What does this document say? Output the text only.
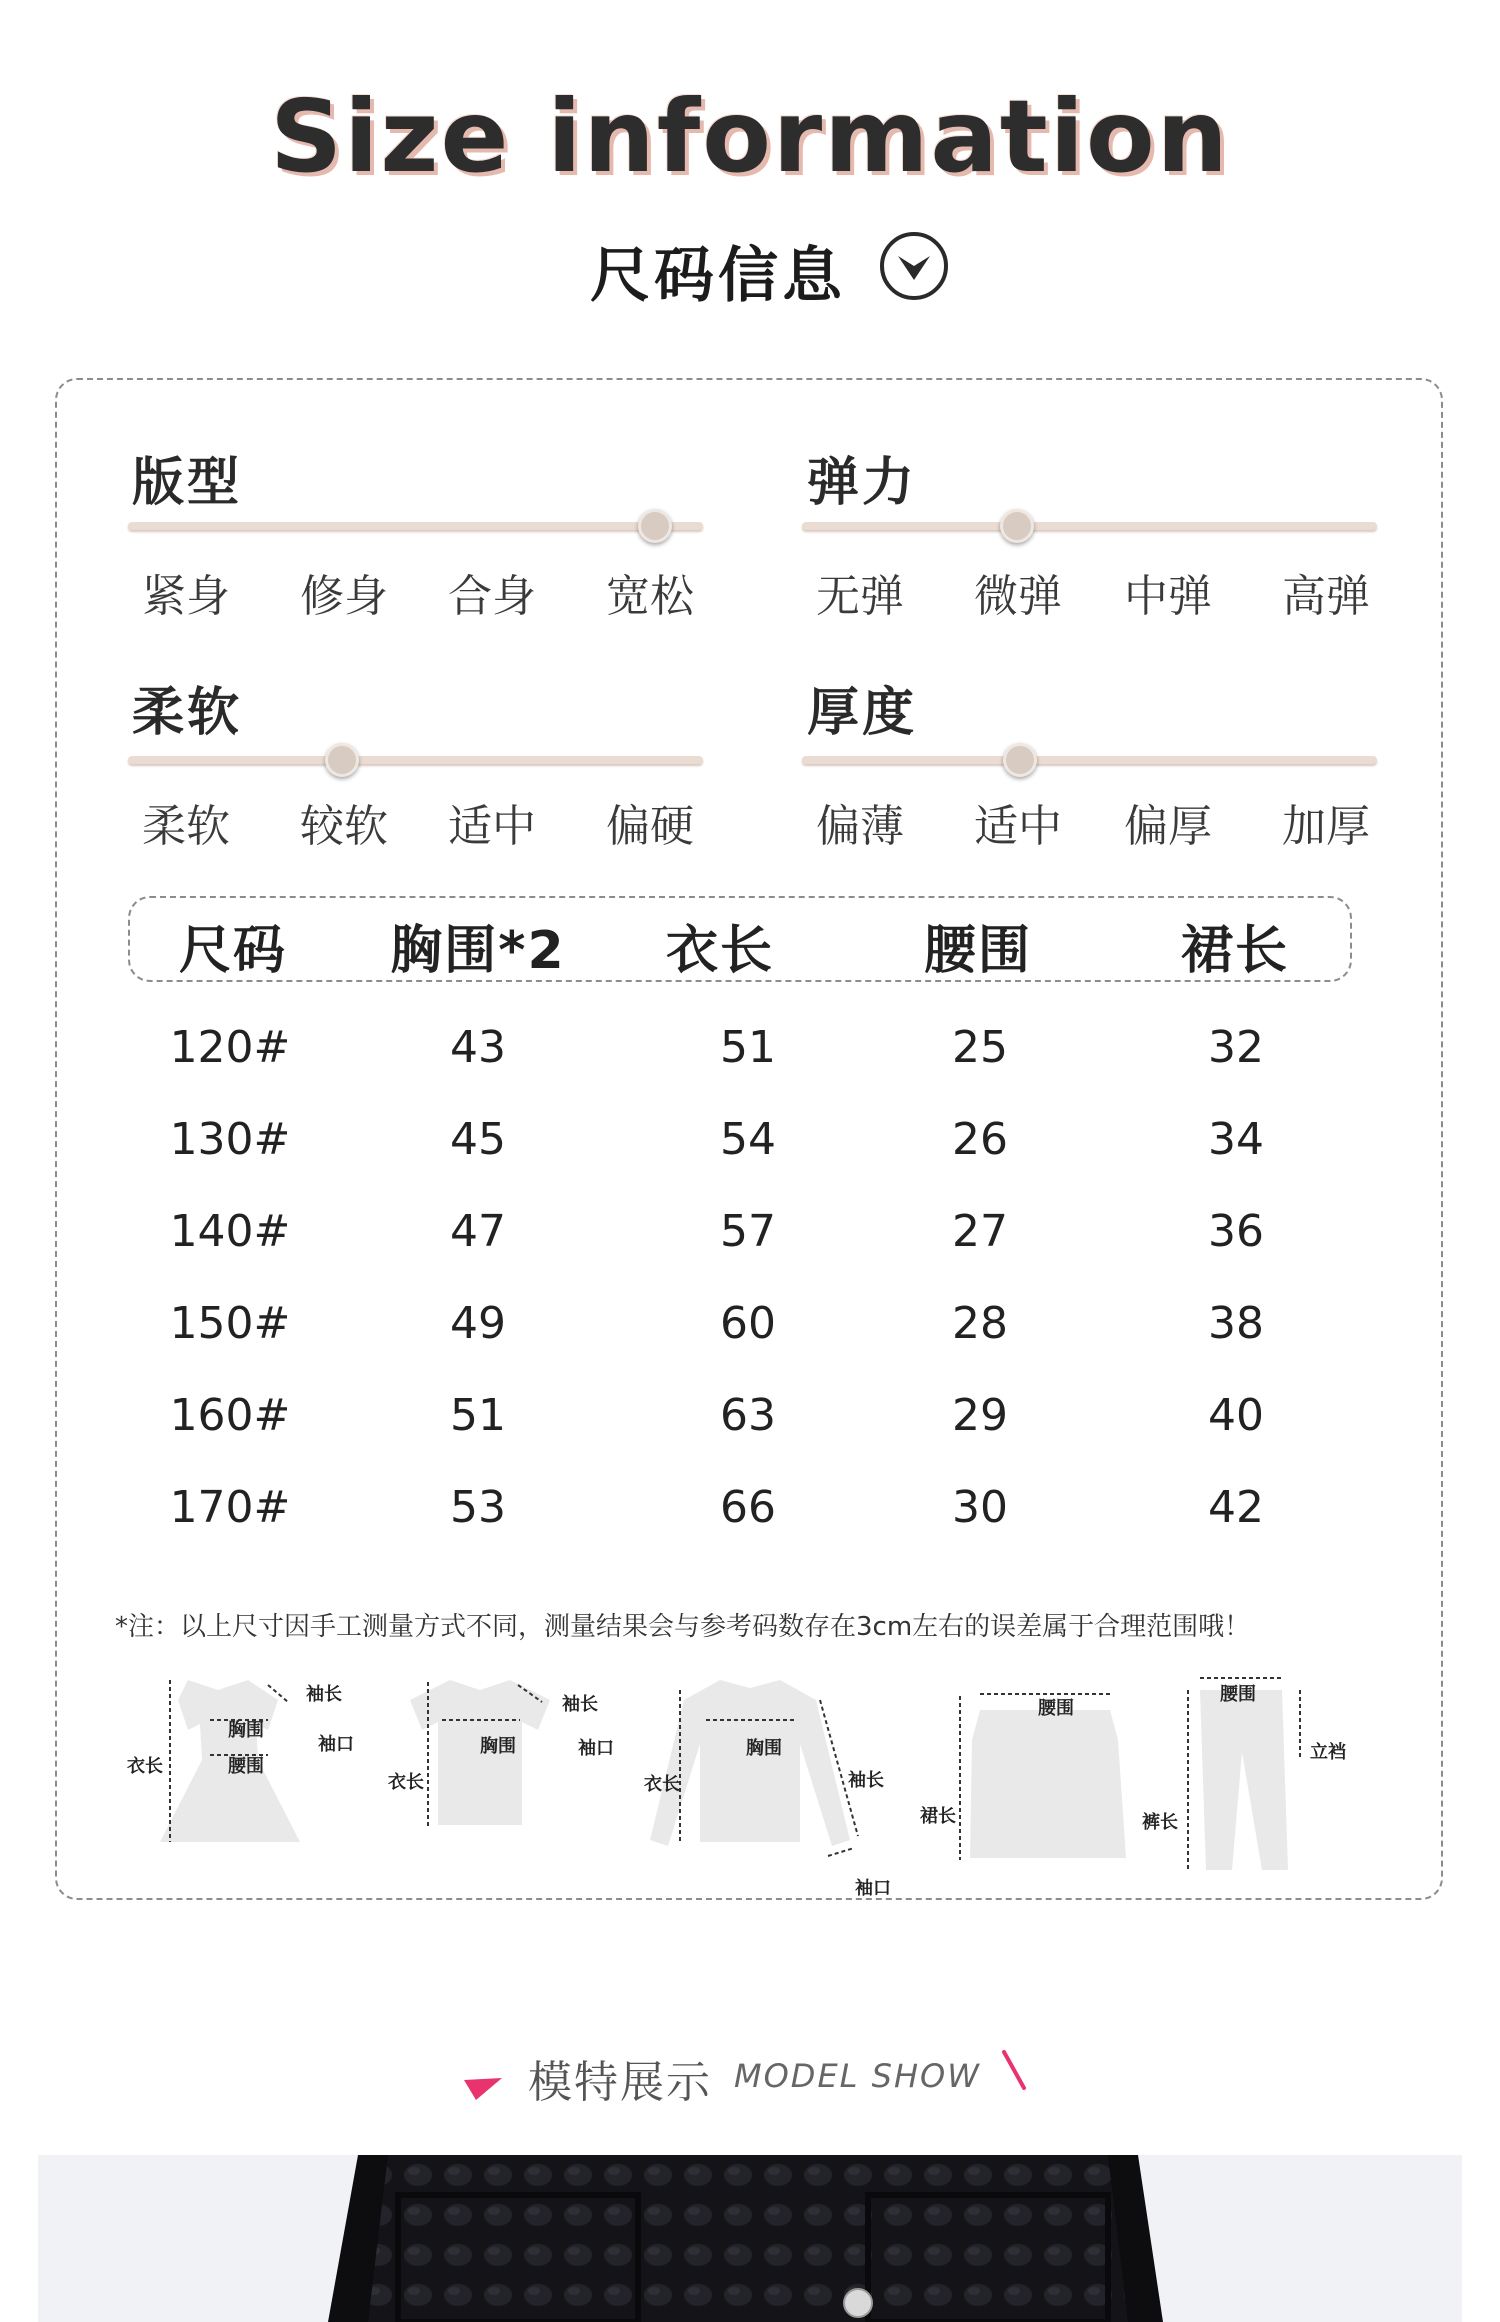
Size information
尺码信息
版型
紧身	修身	合身	宽松
弹力
无弹	微弹	中弹	高弹
柔软
柔软	较软	适中	偏硬
厚度
偏薄	适中	偏厚	加厚
尺码	胸围*2	衣长	腰围	裙长
120#	43	51	25	32
130#	45	54	26	34
140#	47	57	27	36
150#	49	60	28	38
160#	51	63	29	40
170#	53	66	30	42
*注：以上尺寸因手工测量方式不同，测量结果会与参考码数存在3cm左右的误差属于合理范围哦！
袖长
胸围
袖口
衣长	腰围
袖长
胸围	袖口
衣长
胸围
袖长
衣长
袖口
腰围
裙长
腰围
立裆
裤长
模特展示 MODEL SHOW
